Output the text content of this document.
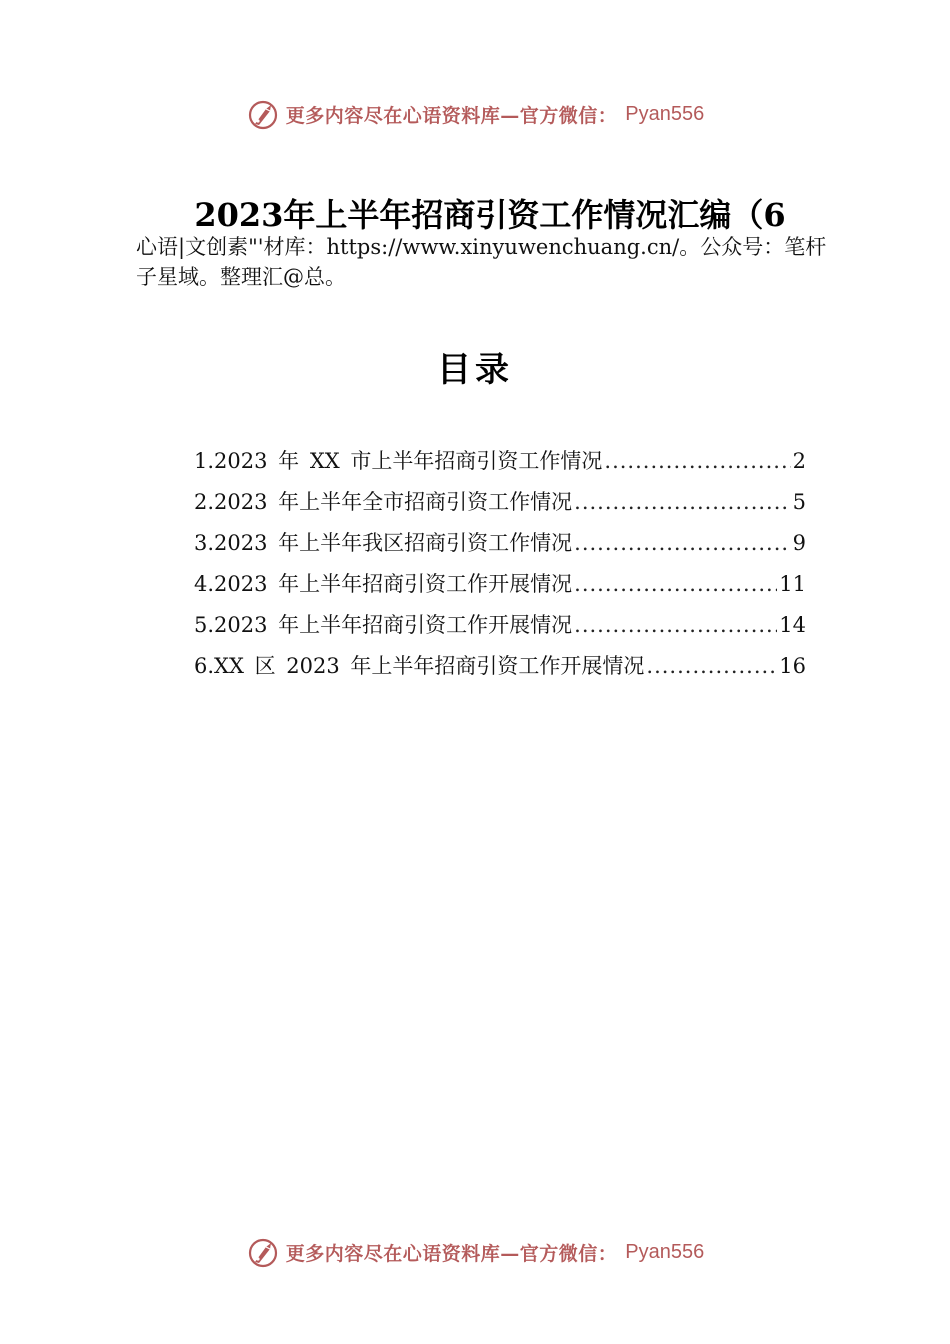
更多内容尽在心语资料库—官方微信： Pyan556
2023年上半年招商引资工作情况汇编（6
心语|文创素"'材库：https://www.xinyuwenchuang.cn/。公众号：笔杆子星域。整理汇@总。
目录
1.2023 年 XX 市上半年招商引资工作情况 .....	2
2.2023 年上半年全市招商引资工作情况 .....	5
3.2023 年上半年我区招商引资工作情况 .....	9
4.2023 年上半年招商引资工作开展情况 .....	11
5.2023 年上半年招商引资工作开展情况 .....	14
6.XX 区 2023 年上半年招商引资工作开展情况 .....	16
更多内容尽在心语资料库—官方微信： Pyan556
